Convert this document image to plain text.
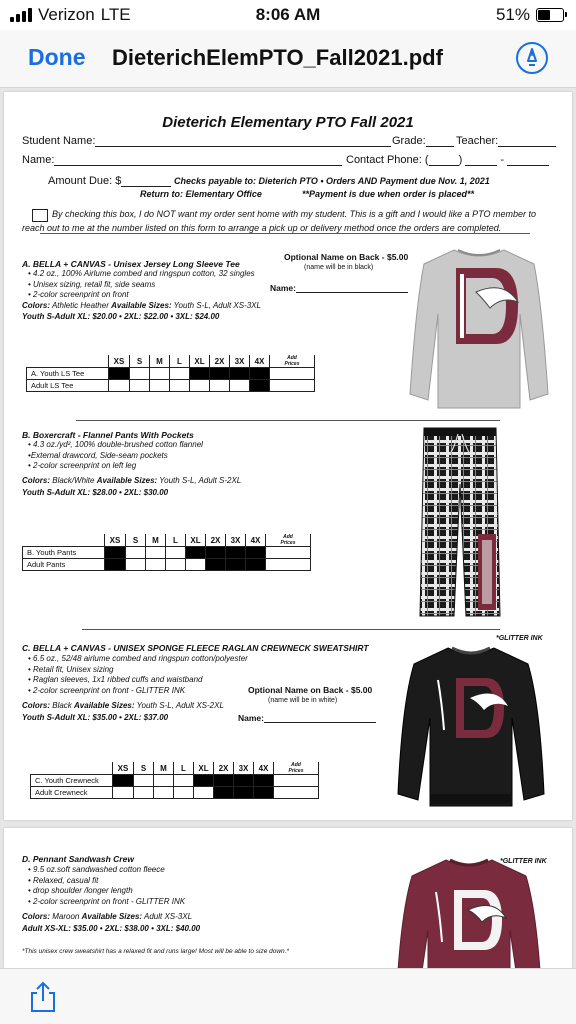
Verizon LTE	8:06 AM	51%
Done DieterichElemPTO_Fall2021.pdf
Dieterich Elementary PTO Fall 2021
Student Name:	Grade:	Teacher:
Name:	Contact Phone: (	)	-
Amount Due: $	Checks payable to: Dieterich PTO • Orders AND Payment due Nov. 1, 2021
Return to: Elementary Office	**Payment is due when order is placed**
By checking this box, I do NOT want my order sent home with my student. This is a gift and I would like a PTO member to
reach out to me at the number listed on this form to arrange a pick up or delivery method once the orders are completed.
A. BELLA + CANVAS - Unisex Jersey Long Sleeve Tee
• 4.2 oz., 100% Airlume combed and ringspun cotton, 32 singles
• Unisex sizing, retail fit, side seams
• 2-color screenprint on front
Colors: Athletic Heather Available Sizes: Youth S-L, Adult XS-3XL
Youth S-Adult XL: $20.00 • 2XL: $22.00 • 3XL: $24.00
Optional Name on Back - $5.00
(name will be in black)
Name:
	XS	S	M	L	XL	2X	3X	4X	Add
Prices
A. Youth LS Tee									
Adult LS Tee									
B. Boxercraft - Flannel Pants With Pockets
• 4.3 oz./yd², 100% double-brushed cotton flannel
•External drawcord, Side-seam pockets
• 2-color screenprint on left leg
Colors: Black/White Available Sizes: Youth S-L, Adult S-2XL
Youth S-Adult XL: $28.00 • 2XL: $30.00
	XS	S	M	L	XL	2X	3X	4X	Add
Prices
B. Youth Pants									
Adult Pants									
*GLITTER INK
C. BELLA + CANVAS - UNISEX SPONGE FLEECE RAGLAN CREWNECK SWEATSHIRT
• 6.5 oz., 52/48 airlume combed and ringspun cotton/polyester
• Retail fit, Unisex sizing
• Raglan sleeves, 1x1 ribbed cuffs and waistband
• 2-color screenprint on front - GLITTER INK
Colors: Black Available Sizes: Youth S-L, Adult XS-2XL
Youth S-Adult XL: $35.00 • 2XL: $37.00
Optional Name on Back - $5.00
(name will be in white)
Name:
	XS	S	M	L	XL	2X	3X	4X	Add
Prices
C. Youth Crewneck									
Adult Crewneck									
*GLITTER INK
D. Pennant Sandwash Crew
• 9.5 oz.soft sandwashed cotton fleece
• Relaxed, casual fit
• drop shoulder /longer length
• 2-color screenprint on front - GLITTER INK
Colors: Maroon Available Sizes: Adult XS-3XL
Adult XS-XL: $35.00 • 2XL: $38.00 • 3XL: $40.00
*This unisex crew sweatshirt has a relaxed fit and runs large! Most will be able to size down.*
